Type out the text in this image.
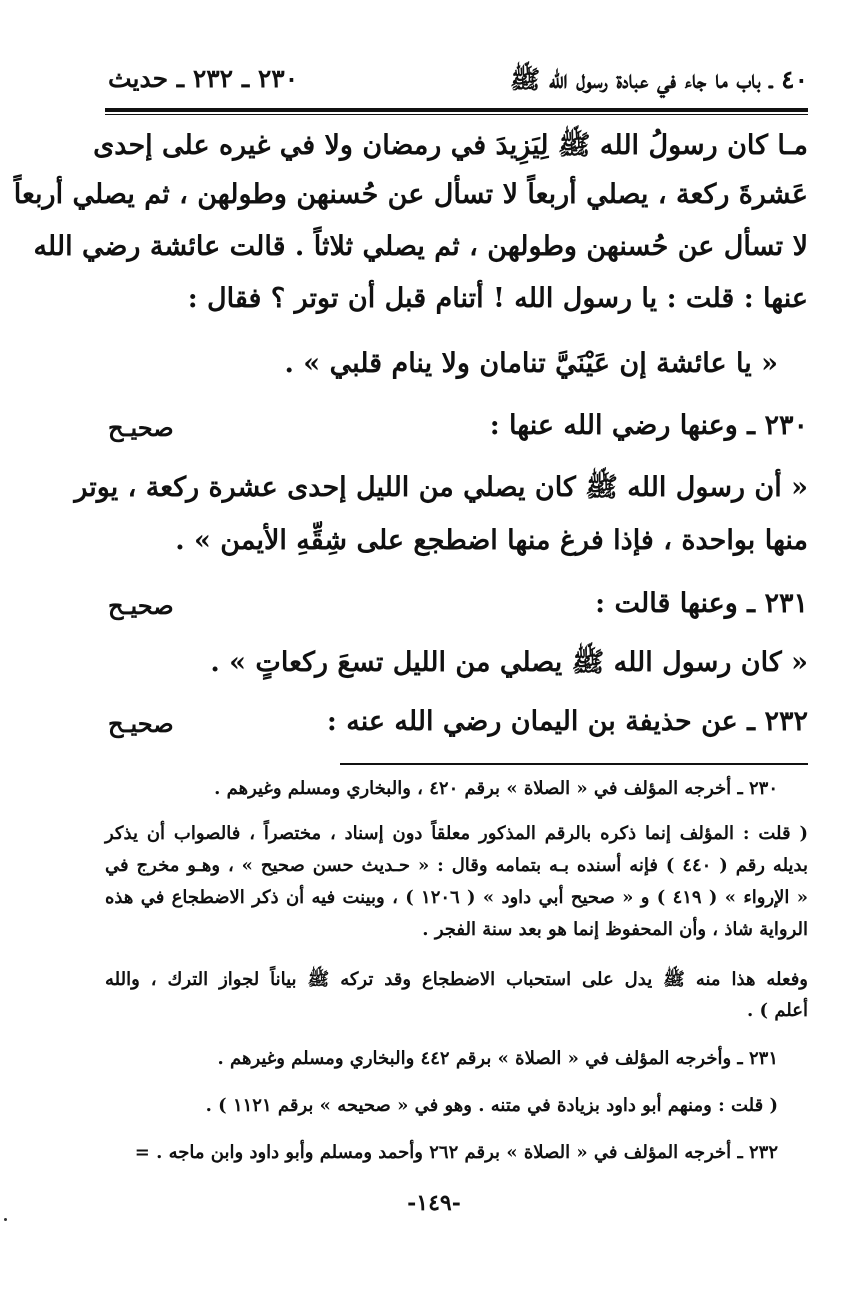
٤٠ ـ باب ما جاء في عبادة رسول الله ﷺ
٢٣٠ ـ ٢٣٢ ـ حديث
مـا كان رسولُ الله ﷺ لِيَزِيدَ في رمضان ولا في غيره على إحدى
عَشرةَ ركعة ، يصلي أربعاً لا تسأل عن حُسنهن وطولهن ، ثم يصلي أربعاً
لا تسأل عن حُسنهن وطولهن ، ثم يصلي ثلاثاً . قالت عائشة رضي الله
عنها : قلت : يا رسول الله ! أتنام قبل أن توتر ؟ فقال :
« يا عائشة إن عَيْنَيَّ تنامان ولا ينام قلبي » .
٢٣٠ ـ وعنها رضي الله عنها :
صحيـح
« أن رسول الله ﷺ كان يصلي من الليل إحدى عشرة ركعة ، يوتر
منها بواحدة ، فإذا فرغ منها اضطجع على شِقِّهِ الأيمن » .
٢٣١ ـ وعنها قالت :
صحيـح
« كان رسول الله ﷺ يصلي من الليل تسعَ ركعاتٍ » .
٢٣٢ ـ عن حذيفة بن اليمان رضي الله عنه :
صحيـح
٢٣٠ ـ أخرجه المؤلف في « الصلاة » برقم ٤٢٠ ، والبخاري ومسلم وغيرهم .
( قلت : المؤلف إنما ذكره بالرقم المذكور معلقاً دون إسناد ، مختصراً ، فالصواب أن يذكر
بديله رقم ( ٤٤٠ ) فإنه أسنده بـه بتمامه وقال : « حـديث حسن صحيح » ، وهـو مخرج في
« الإرواء » ( ٤١٩ ) و « صحيح أبي داود » ( ١٢٠٦ ) ، وبينت فيه أن ذكر الاضطجاع في هذه
الرواية شاذ ، وأن المحفوظ إنما هو بعد سنة الفجر .
وفعله هذا منه ﷺ يدل على استحباب الاضطجاع وقد تركه ﷺ بياناً لجواز الترك ، والله
أعلم ) .
٢٣١ ـ وأخرجه المؤلف في « الصلاة » برقم ٤٤٢ والبخاري ومسلم وغيرهم .
( قلت : ومنهم أبو داود بزيادة في متنه . وهو في « صحيحه » برقم ١١٢١ ) .
٢٣٢ ـ أخرجه المؤلف في « الصلاة » برقم ٢٦٢ وأحمد ومسلم وأبو داود وابن ماجه . =
-١٤٩-
